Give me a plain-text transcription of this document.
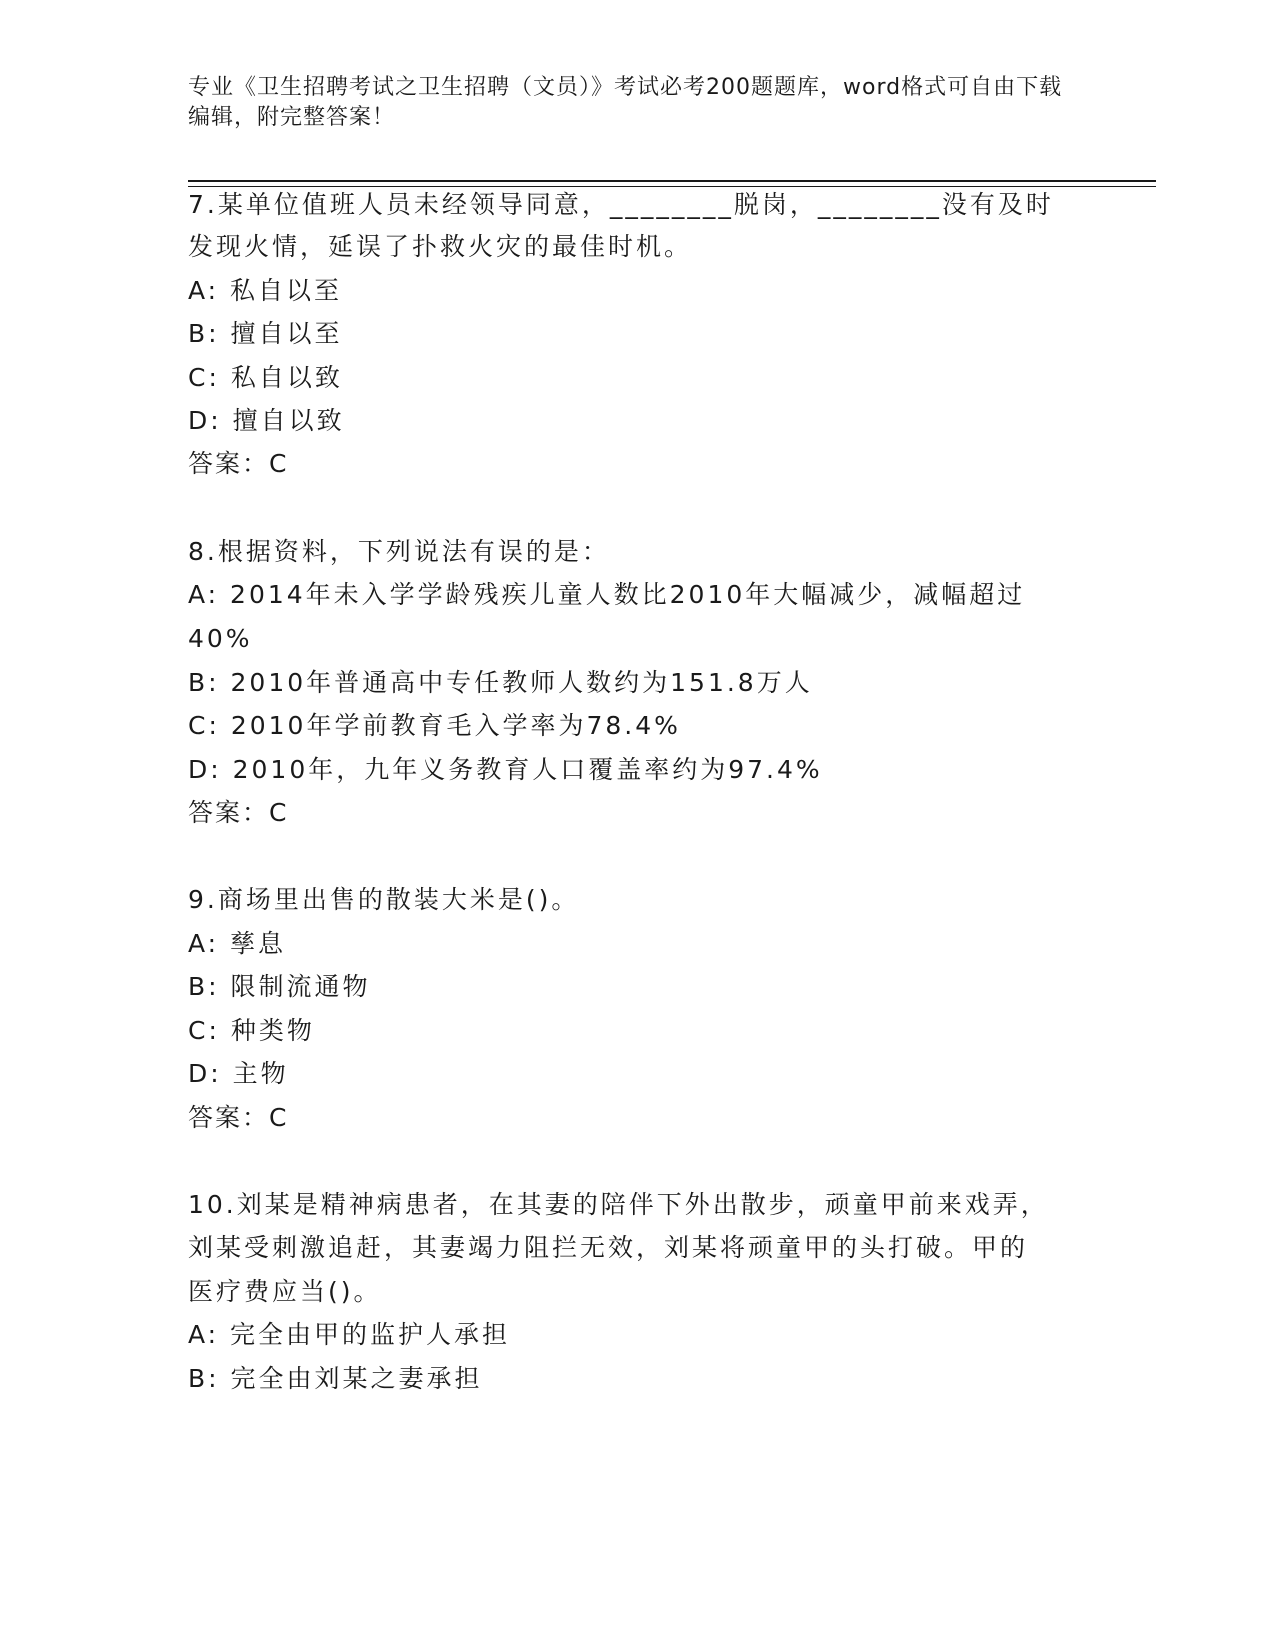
专业《卫生招聘考试之卫生招聘（文员）》考试必考200题题库，word格式可自由下载编辑，附完整答案！
7.某单位值班人员未经领导同意，________脱岗，________没有及时
发现火情，延误了扑救火灾的最佳时机。
A: 私自以至
B: 擅自以至
C: 私自以致
D: 擅自以致
答案：C
8.根据资料，下列说法有误的是：
A: 2014年未入学学龄残疾儿童人数比2010年大幅减少，减幅超过
40%
B: 2010年普通高中专任教师人数约为151.8万人
C: 2010年学前教育毛入学率为78.4%
D: 2010年，九年义务教育人口覆盖率约为97.4%
答案：C
9.商场里出售的散装大米是()。
A: 孳息
B: 限制流通物
C: 种类物
D: 主物
答案：C
10.刘某是精神病患者，在其妻的陪伴下外出散步，顽童甲前来戏弄，
刘某受刺激追赶，其妻竭力阻拦无效，刘某将顽童甲的头打破。甲的
医疗费应当()。
A: 完全由甲的监护人承担
B: 完全由刘某之妻承担
